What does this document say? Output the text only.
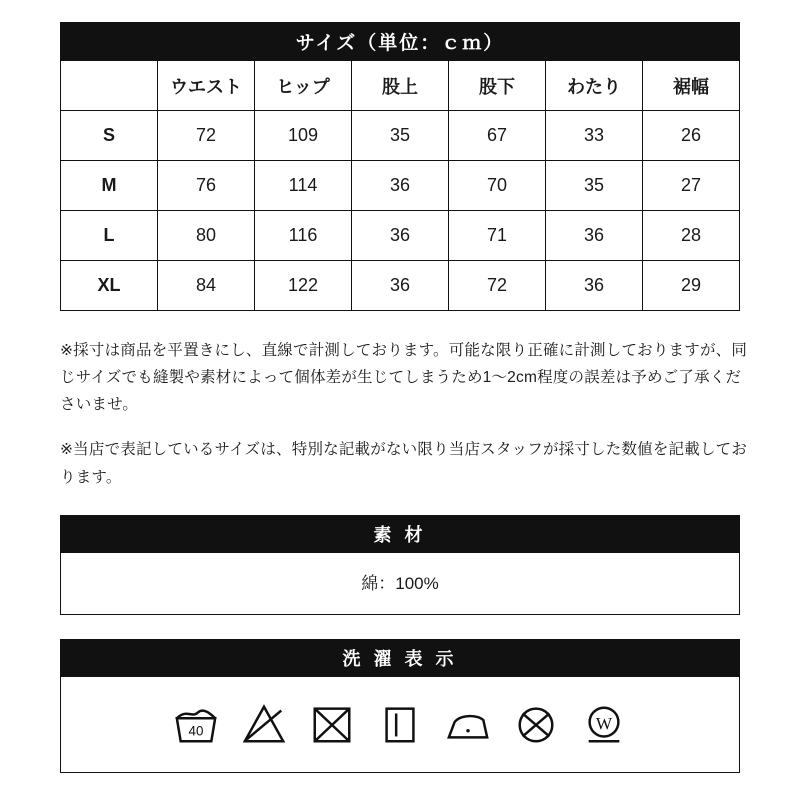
サイズ（単位：ｃｍ）						
	ウエスト	ヒップ	股上	股下	わたり	裾幅
S	72	109	35	67	33	26
M	76	114	36	70	35	27
L	80	116	36	71	36	28
XL	84	122	36	72	36	29

※採寸は商品を平置きにし、直線で計測しております。可能な限り正確に計測しておりますが、同じサイズでも縫製や素材によって個体差が生じてしまうため1〜2cm程度の誤差は予めご了承くださいませ。

※当店で表記しているサイズは、特別な記載がない限り当店スタッフが採寸した数値を記載しております。

素 材
綿：100%
洗 濯 表 示
40	W
